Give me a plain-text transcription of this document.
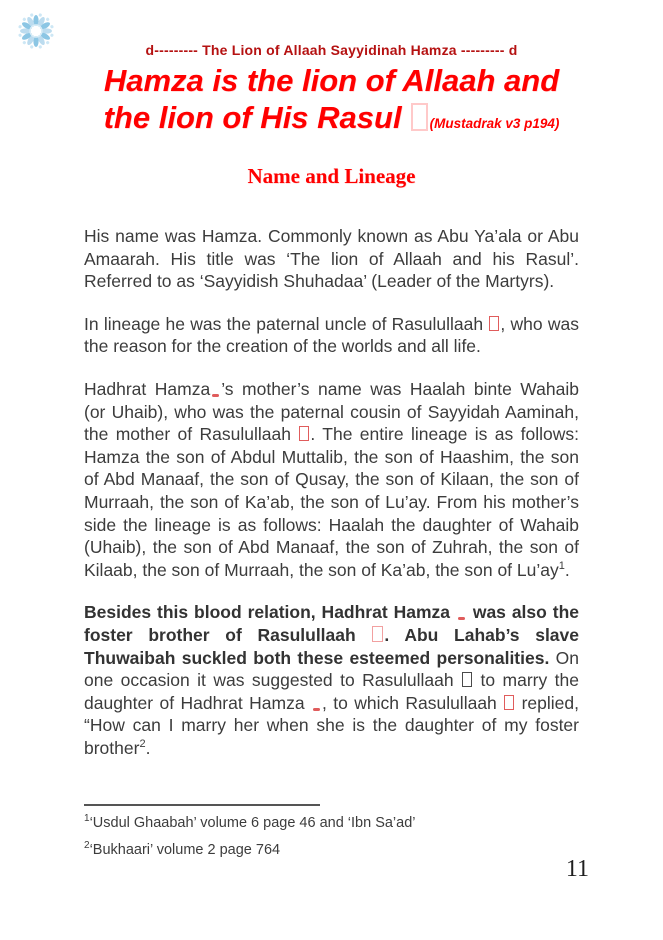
d--------- The Lion of Allaah Sayyidinah Hamza --------- d
Hamza is the lion of Allaah and
the lion of His Rasul (Mustadrak v3 p194)
Name and Lineage

His name was Hamza. Commonly known as Abu Ya’ala or Abu Amaarah. His title was ‘The lion of Allaah and his Rasul’. Referred to as ‘Sayyidish Shuhadaa’ (Leader of the Martyrs).

In lineage he was the paternal uncle of Rasulullaah , who was the reason for the creation of the worlds and all life.

Hadhrat Hamza ’s mother’s name was Haalah binte Wahaib (or Uhaib), who was the paternal cousin of Sayyidah Aaminah, the mother of Rasulullaah . The entire lineage is as follows: Hamza the son of Abdul Muttalib, the son of Haashim, the son of Abd Manaaf, the son of Qusay, the son of Kilaan, the son of Murraah, the son of Ka’ab, the son of Lu’ay. From his mother’s side the lineage is as follows: Haalah the daughter of Wahaib (Uhaib), the son of Abd Manaaf, the son of Zuhrah, the son of Kilaab, the son of Murraah, the son of Ka’ab, the son of Lu’ay$^1$.

Besides this blood relation, Hadhrat Hamza  was also the foster brother of Rasulullaah . Abu Lahab’s slave Thuwaibah suckled both these esteemed personalities. On one occasion it was suggested to Rasulullaah  to marry the daughter of Hadhrat Hamza , to which Rasulullaah  replied, “How can I marry her when she is the daughter of my foster brother$^2$.

$^1$‘Usdul Ghaabah’ volume 6 page 46 and ‘Ibn Sa’ad’
$^2$‘Bukhaari’ volume 2 page 764
11
